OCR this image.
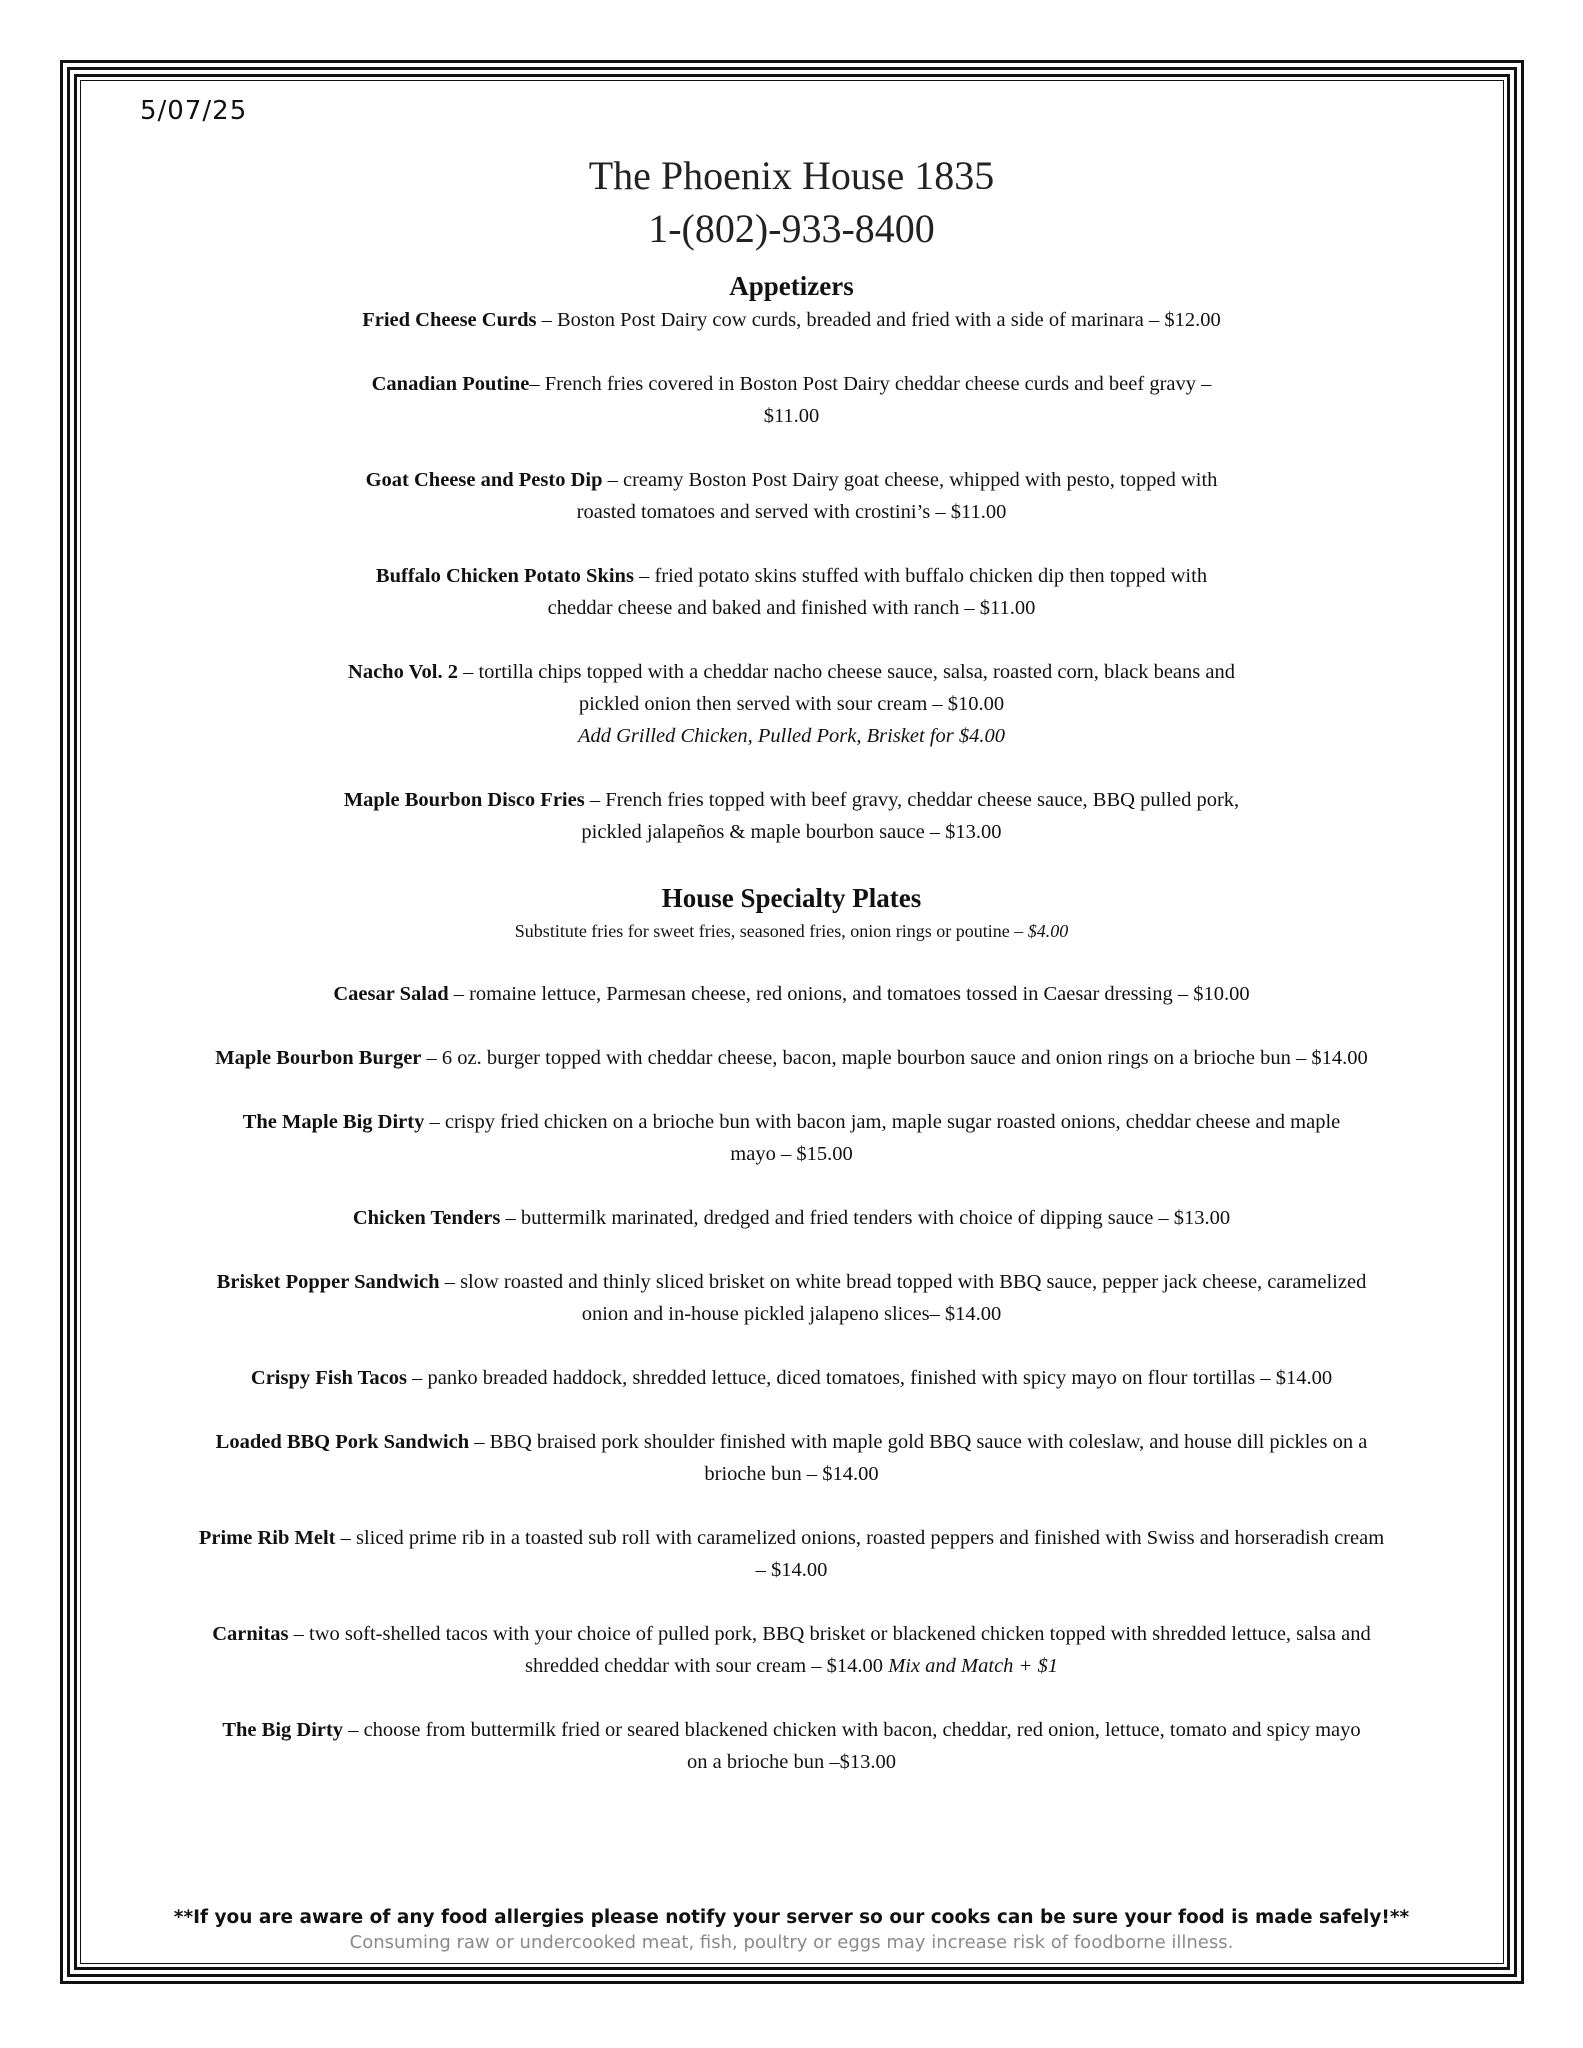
5/07/25

The Phoenix House 1835

1-(802)-933-8400

Appetizers

Fried Cheese Curds – Boston Post Dairy cow curds, breaded and fried with a side of marinara – $12.00

Canadian Poutine– French fries covered in Boston Post Dairy cheddar cheese curds and beef gravy – $11.00

Goat Cheese and Pesto Dip – creamy Boston Post Dairy goat cheese, whipped with pesto, topped with roasted tomatoes and served with crostini’s – $11.00

Buffalo Chicken Potato Skins – fried potato skins stuffed with buffalo chicken dip then topped with cheddar cheese and baked and finished with ranch – $11.00

Nacho Vol. 2 – tortilla chips topped with a cheddar nacho cheese sauce, salsa, roasted corn, black beans and pickled onion then served with sour cream – $10.00
Add Grilled Chicken, Pulled Pork, Brisket for $4.00

Maple Bourbon Disco Fries – French fries topped with beef gravy, cheddar cheese sauce, BBQ pulled pork, pickled jalapeños & maple bourbon sauce – $13.00

House Specialty Plates

Substitute fries for sweet fries, seasoned fries, onion rings or poutine – $4.00

Caesar Salad – romaine lettuce, Parmesan cheese, red onions, and tomatoes tossed in Caesar dressing – $10.00

Maple Bourbon Burger – 6 oz. burger topped with cheddar cheese, bacon, maple bourbon sauce and onion rings on a brioche bun – $14.00

The Maple Big Dirty – crispy fried chicken on a brioche bun with bacon jam, maple sugar roasted onions, cheddar cheese and maple mayo – $15.00

Chicken Tenders – buttermilk marinated, dredged and fried tenders with choice of dipping sauce – $13.00

Brisket Popper Sandwich – slow roasted and thinly sliced brisket on white bread topped with BBQ sauce, pepper jack cheese, caramelized onion and in-house pickled jalapeno slices– $14.00

Crispy Fish Tacos – panko breaded haddock, shredded lettuce, diced tomatoes, finished with spicy mayo on flour tortillas – $14.00

Loaded BBQ Pork Sandwich – BBQ braised pork shoulder finished with maple gold BBQ sauce with coleslaw, and house dill pickles on a brioche bun – $14.00

Prime Rib Melt – sliced prime rib in a toasted sub roll with caramelized onions, roasted peppers and finished with Swiss and horseradish cream – $14.00

Carnitas – two soft-shelled tacos with your choice of pulled pork, BBQ brisket or blackened chicken topped with shredded lettuce, salsa and shredded cheddar with sour cream – $14.00 Mix and Match + $1

The Big Dirty – choose from buttermilk fried or seared blackened chicken with bacon, cheddar, red onion, lettuce, tomato and spicy mayo on a brioche bun –$13.00

**If you are aware of any food allergies please notify your server so our cooks can be sure your food is made safely!**
Consuming raw or undercooked meat, fish, poultry or eggs may increase risk of foodborne illness.
